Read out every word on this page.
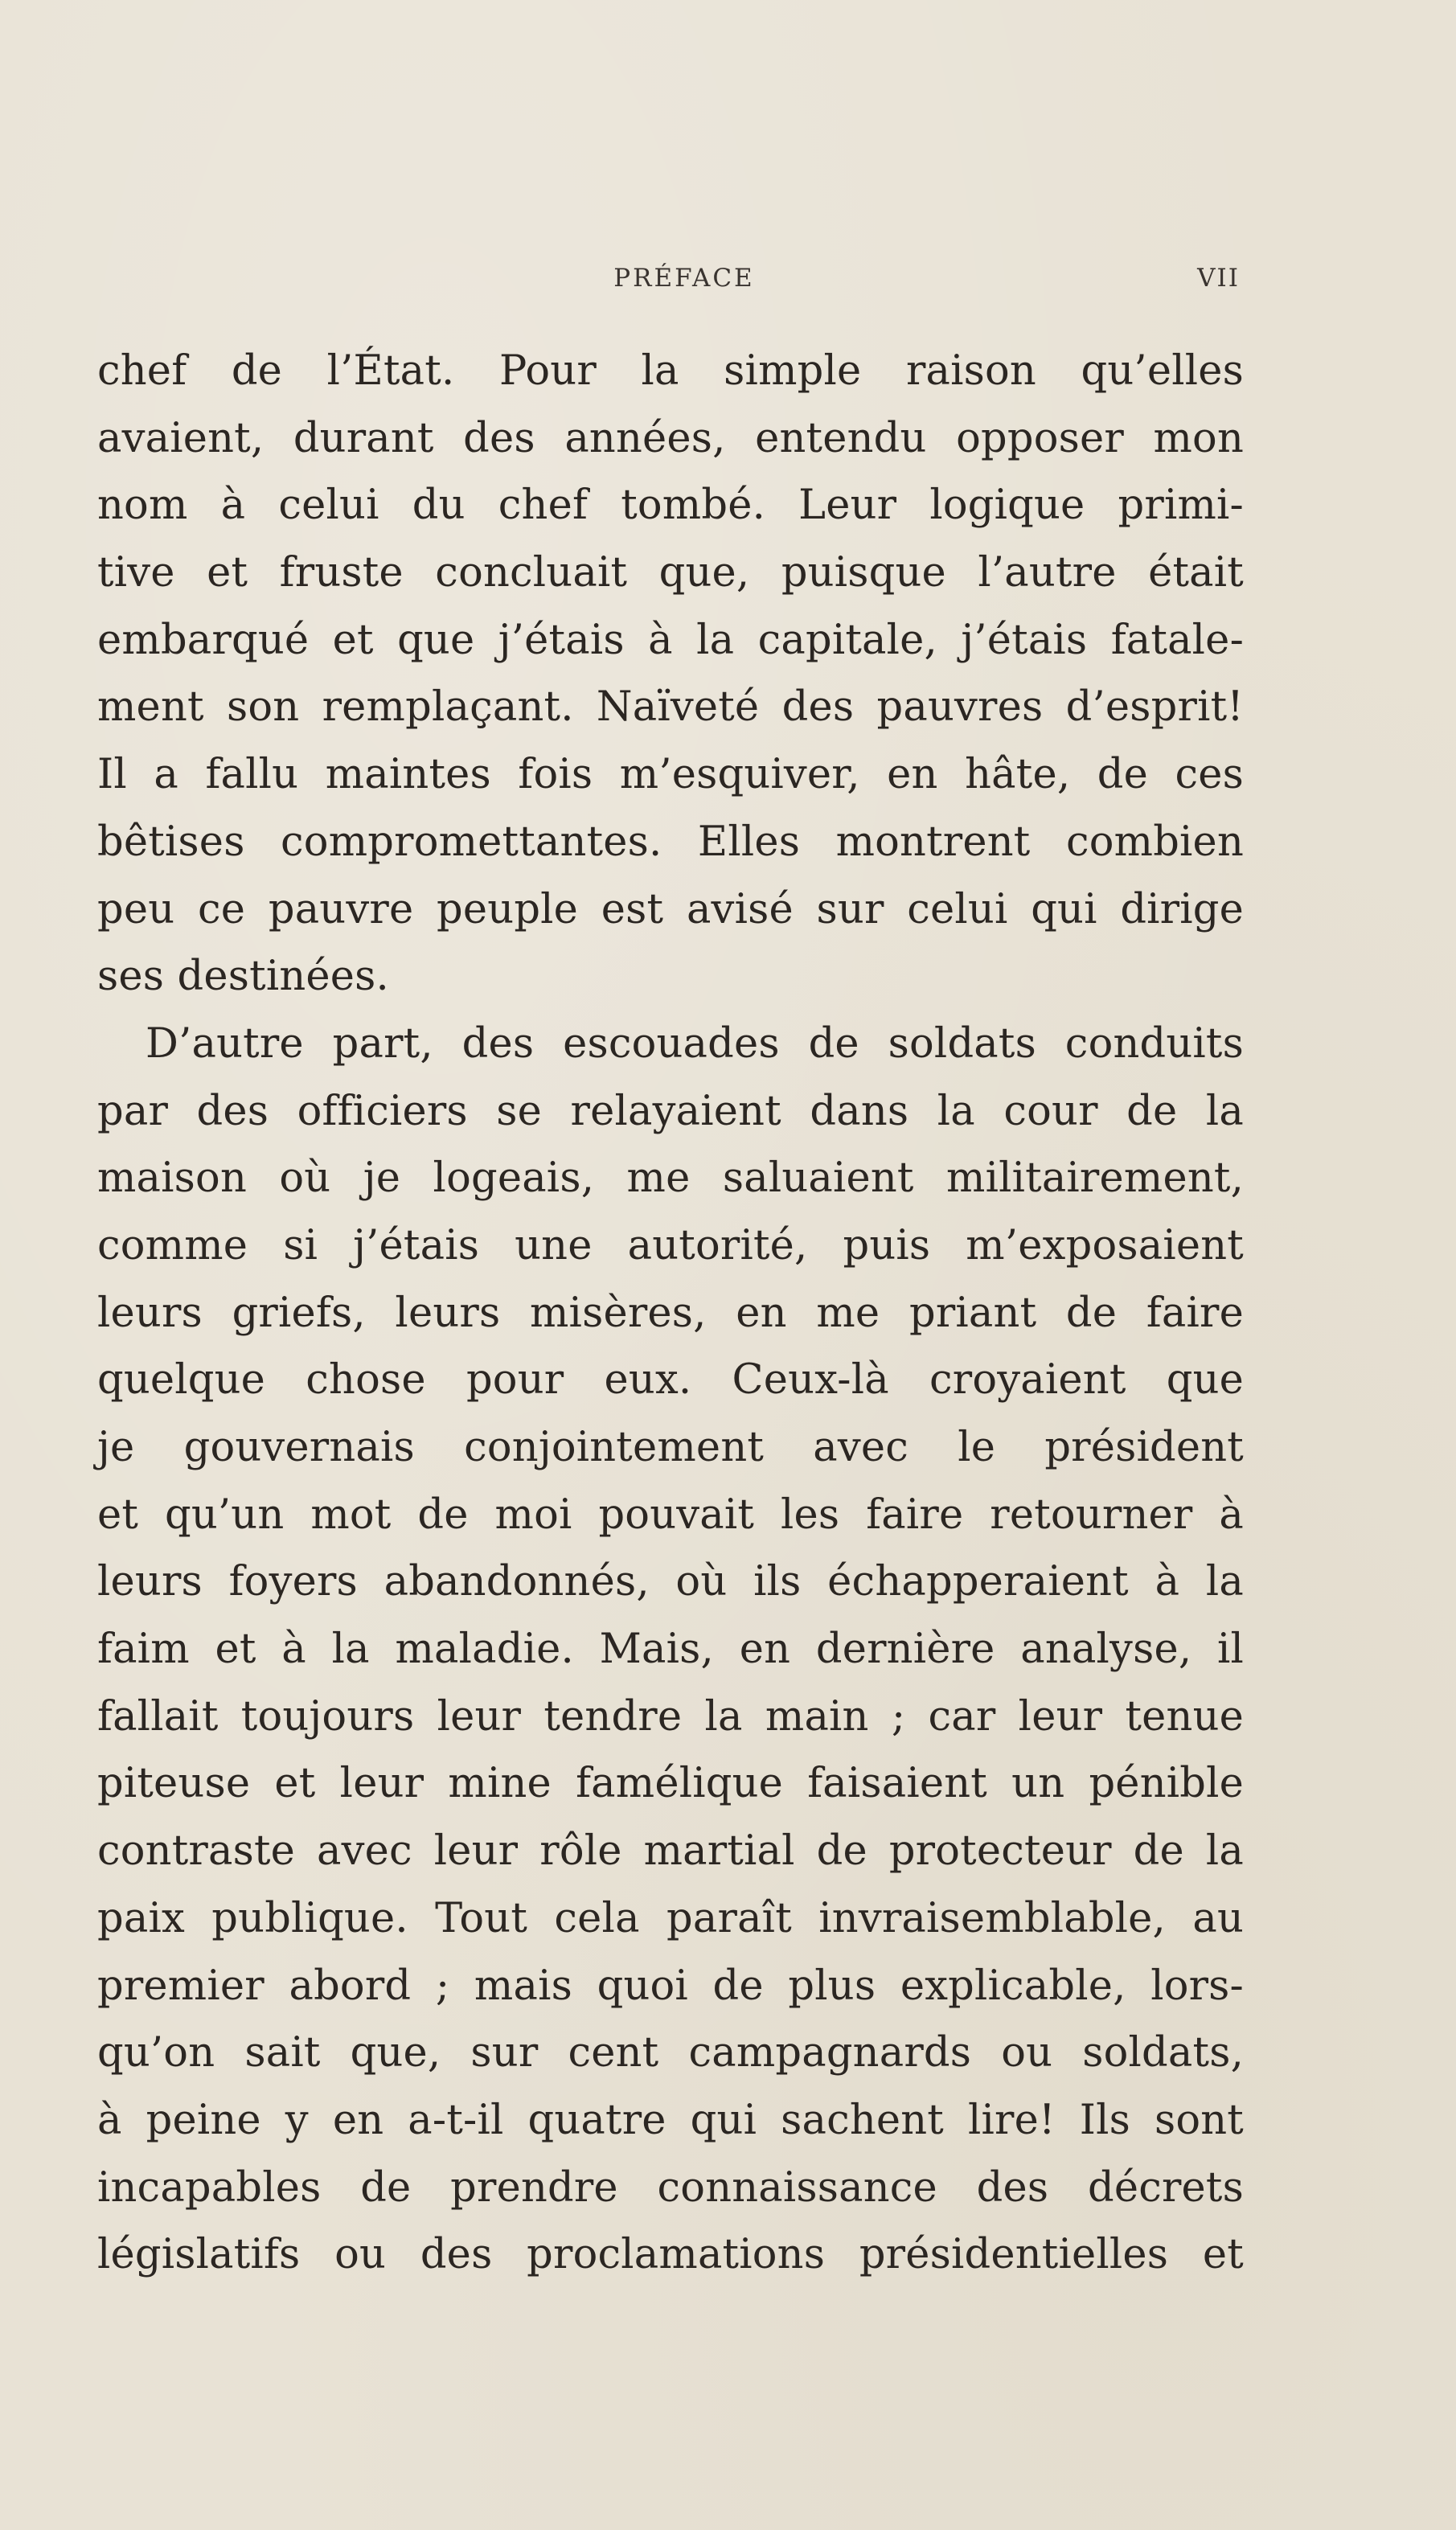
PRÉFACE	VII
chef de l’État. Pour la simple raison qu’elles
avaient, durant des années, entendu opposer mon
nom à celui du chef tombé. Leur logique primi-
tive et fruste concluait que, puisque l’autre était
embarqué et que j’étais à la capitale, j’étais fatale-
ment son remplaçant. Naïveté des pauvres d’esprit!
Il a fallu maintes fois m’esquiver, en hâte, de ces
bêtises compromettantes. Elles montrent combien
peu ce pauvre peuple est avisé sur celui qui dirige
ses destinées.
D’autre part, des escouades de soldats conduits
par des officiers se relayaient dans la cour de la
maison où je logeais, me saluaient militairement,
comme si j’étais une autorité, puis m’exposaient
leurs griefs, leurs misères, en me priant de faire
quelque chose pour eux. Ceux-là croyaient que
je gouvernais conjointement avec le président
et qu’un mot de moi pouvait les faire retourner à
leurs foyers abandonnés, où ils échapperaient à la
faim et à la maladie. Mais, en dernière analyse, il
fallait toujours leur tendre la main ; car leur tenue
piteuse et leur mine famélique faisaient un pénible
contraste avec leur rôle martial de protecteur de la
paix publique. Tout cela paraît invraisemblable, au
premier abord ; mais quoi de plus explicable, lors-
qu’on sait que, sur cent campagnards ou soldats,
à peine y en a-t-il quatre qui sachent lire! Ils sont
incapables de prendre connaissance des décrets
législatifs ou des proclamations présidentielles et
